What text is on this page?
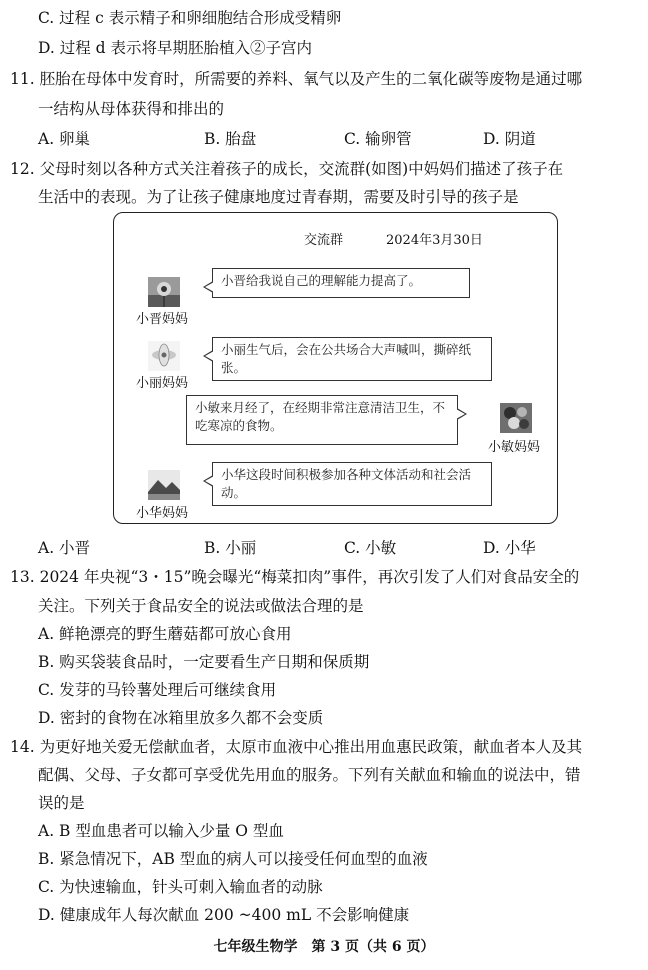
C. 过程 c 表示精子和卵细胞结合形成受精卵
D. 过程 d 表示将早期胚胎植入②子宫内
11. 胚胎在母体中发育时，所需要的养料、氧气以及产生的二氧化碳等废物是通过哪
一结构从母体获得和排出的
A. 卵巢	B. 胎盘	C. 输卵管	D. 阴道
12. 父母时刻以各种方式关注着孩子的成长，交流群(如图)中妈妈们描述了孩子在
生活中的表现。为了让孩子健康地度过青春期，需要及时引导的孩子是
交流群	2024年3月30日
小晋妈妈
小晋给我说自己的理解能力提高了。
小丽妈妈
小丽生气后，会在公共场合大声喊叫，撕碎纸张。
小敏来月经了，在经期非常注意清洁卫生，不吃寒凉的食物。
小敏妈妈
小华妈妈
小华这段时间积极参加各种文体活动和社会活动。
A. 小晋	B. 小丽	C. 小敏	D. 小华
13. 2024 年央视“3・15”晚会曝光“梅菜扣肉”事件，再次引发了人们对食品安全的
关注。下列关于食品安全的说法或做法合理的是
A. 鲜艳漂亮的野生蘑菇都可放心食用
B. 购买袋装食品时，一定要看生产日期和保质期
C. 发芽的马铃薯处理后可继续食用
D. 密封的食物在冰箱里放多久都不会变质
14. 为更好地关爱无偿献血者，太原市血液中心推出用血惠民政策，献血者本人及其
配偶、父母、子女都可享受优先用血的服务。下列有关献血和输血的说法中，错
误的是
A. B 型血患者可以输入少量 O 型血
B. 紧急情况下，AB 型血的病人可以接受任何血型的血液
C. 为快速输血，针头可刺入输血者的动脉
D. 健康成年人每次献血 200 ~400 mL 不会影响健康
七年级生物学　第 3 页（共 6 页）
